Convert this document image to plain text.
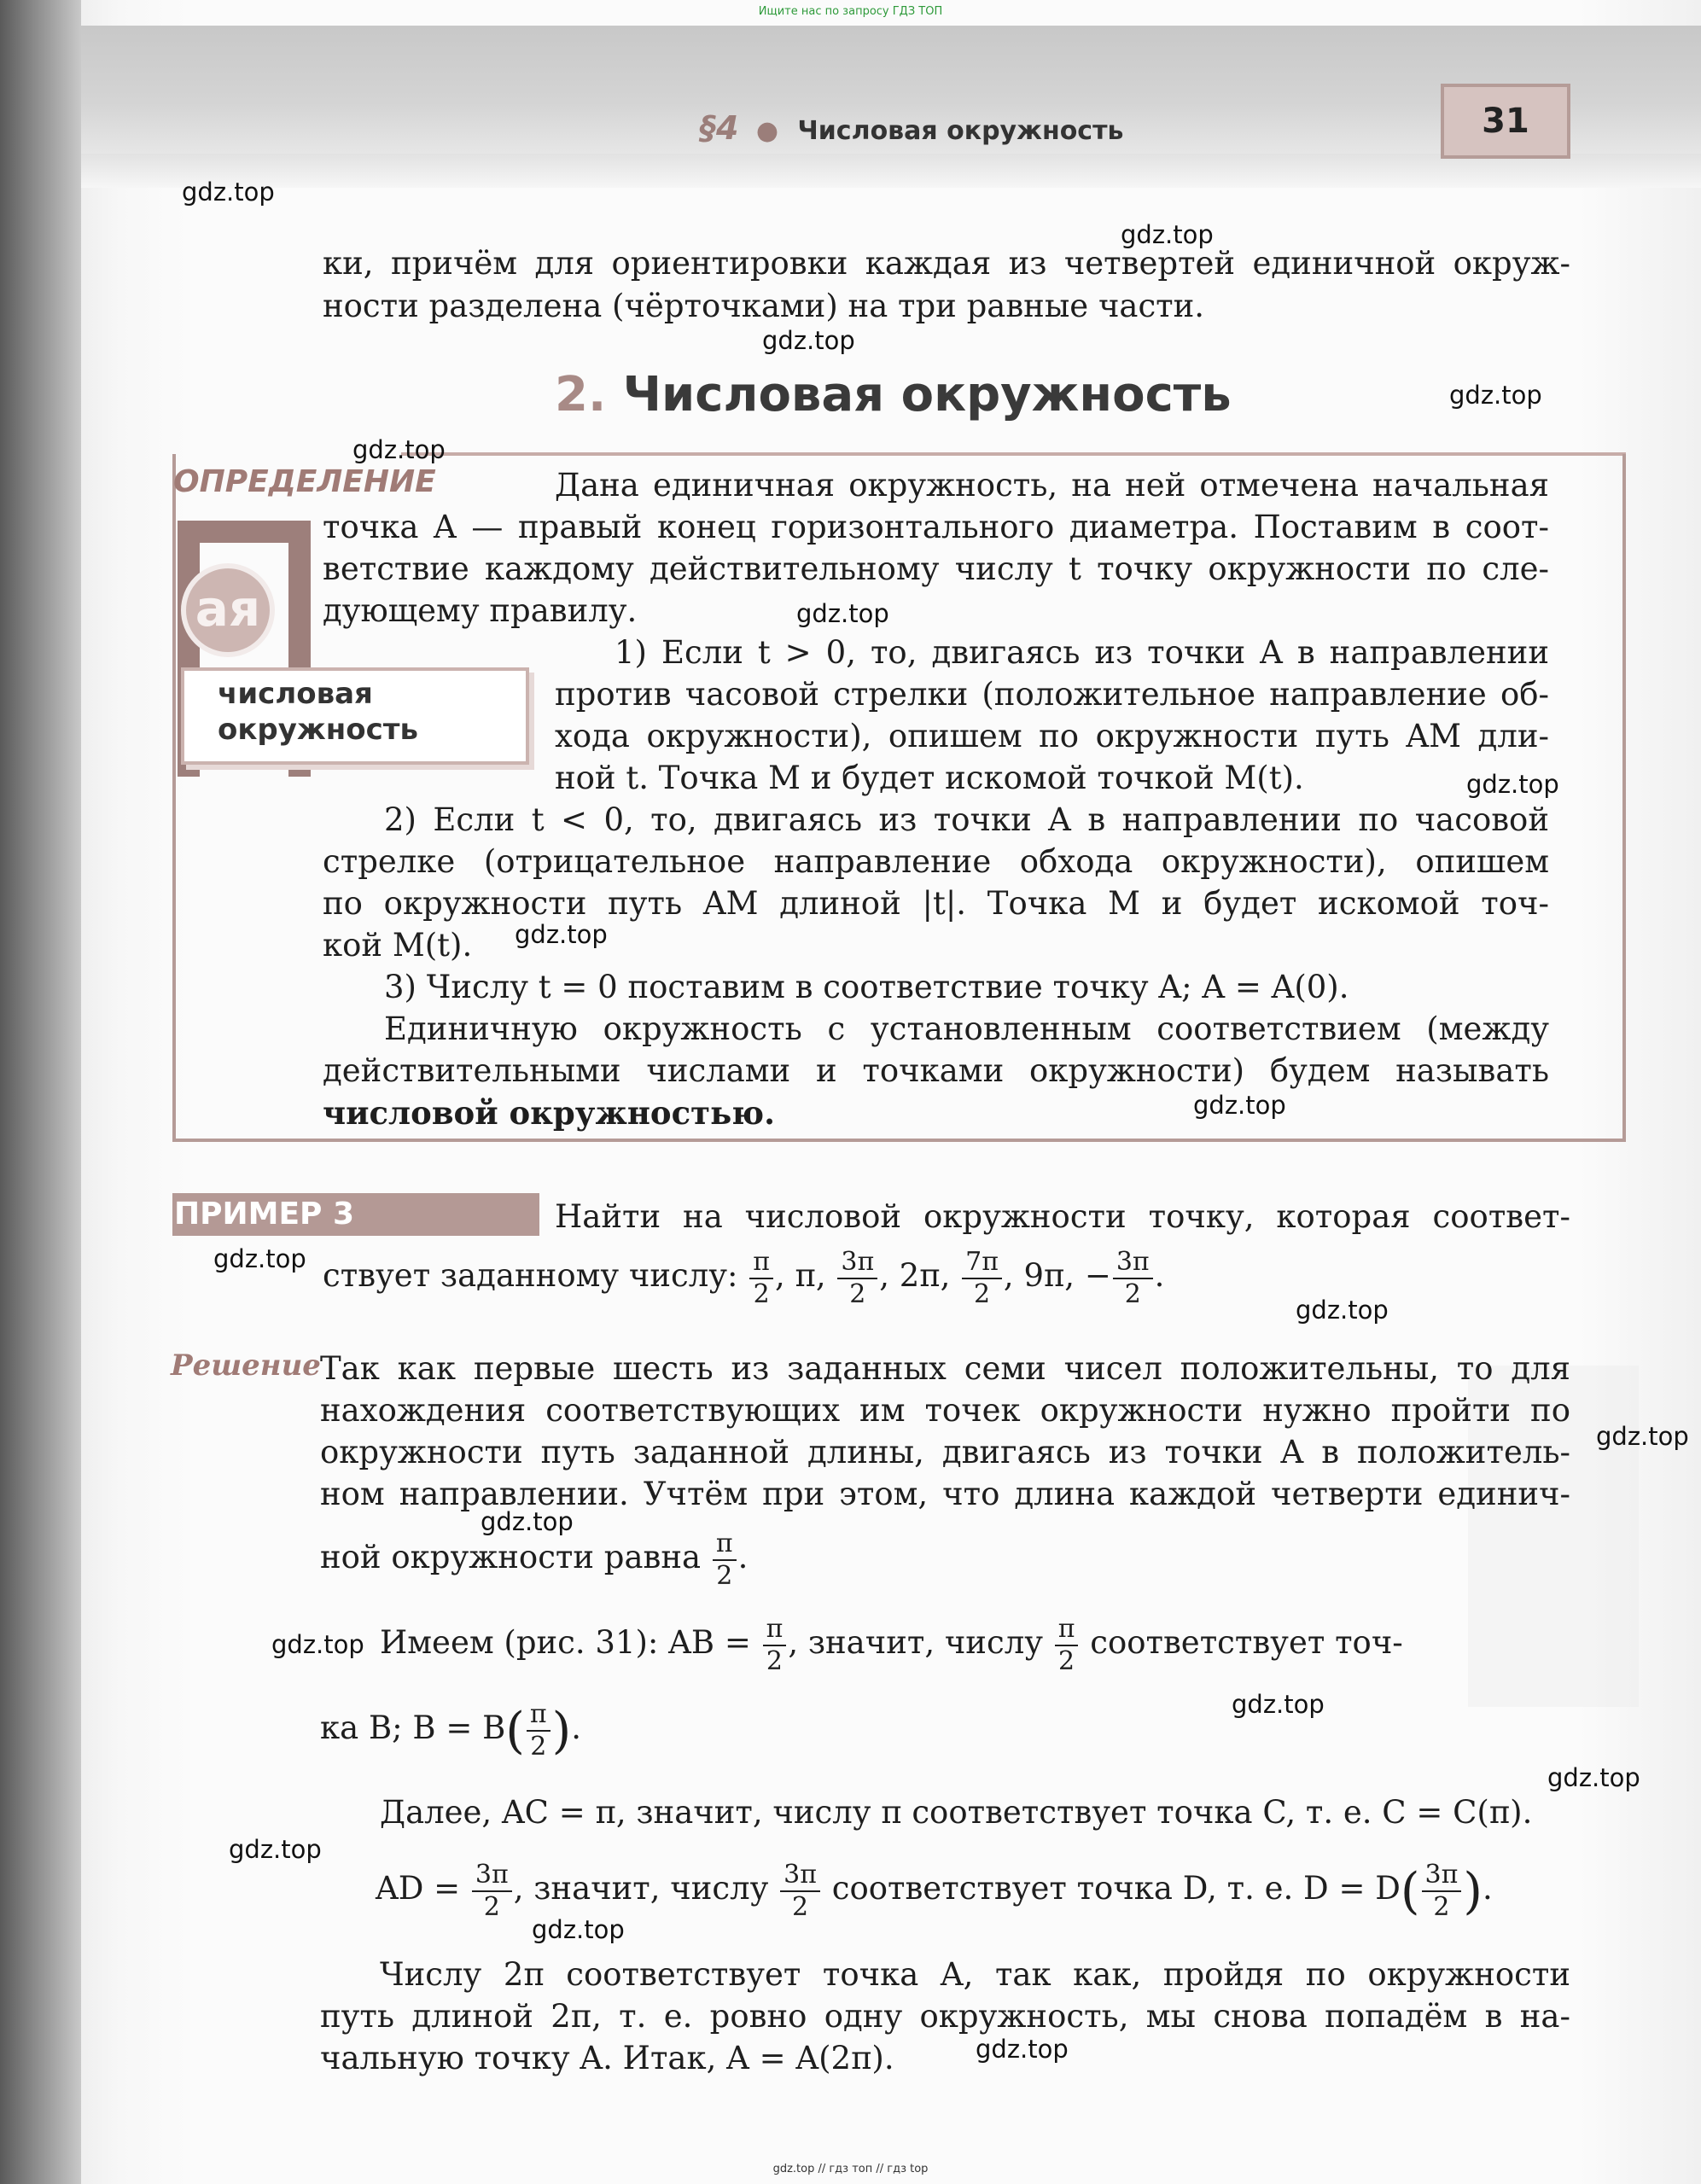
Ищите нас по запросу ГДЗ ТОП
§4 ● Числовая окружность	31
ки, причём для ориентировки каждая из четвертей единичной окруж-
ности разделена (чёрточками) на три равные части.
2. Числовая окружность
ОПРЕДЕЛЕНИЕ
ая
числовая
окружность
Дана единичная окружность, на ней отмечена начальная
точка A — правый конец горизонтального диаметра. Поставим в соот-
ветствие каждому действительному числу t точку окружности по сле-
дующему правилу.
1) Если t > 0, то, двигаясь из точки A в направлении
против часовой стрелки (положительное направление об-
хода окружности), опишем по окружности путь AM дли-
ной t. Точка M и будет искомой точкой M(t).
2) Если t < 0, то, двигаясь из точки A в направлении по часовой
стрелке (отрицательное направление обхода окружности), опишем
по окружности путь AM длиной |t|. Точка M и будет искомой точ-
кой M(t).
3) Числу t = 0 поставим в соответствие точку A; A = A(0).
Единичную окружность с установленным соответствием (между
действительными числами и точками окружности) будем называть
числовой окружностью.
ПРИМЕР 3	Найти на числовой окружности точку, которая соответ-
ствует заданному числу: $\frac{\pi}{2}$ , π, $\frac{3\pi}{2}$ , 2π, $\frac{7\pi}{2}$ , 9π, − $\frac{3\pi}{2}$ .
Решение Так как первые шесть из заданных семи чисел положительны, то для
нахождения соответствующих им точек окружности нужно пройти по
окружности путь заданной длины, двигаясь из точки A в положитель-
ном направлении. Учтём при этом, что длина каждой четверти единич-
ной окружности равна $\frac{\pi}{2}$ .
Имеем (рис. 31): AB = $\frac{\pi}{2}$ , значит, числу $\frac{\pi}{2}$ соответствует точ-
ка B; $B = B( \frac{\pi}{2}$ ).
Далее, AC = π, значит, числу π соответствует точка C, т. е. C = C(π).
AD = $\frac{3\pi}{2}$ , значит, числу $\frac{3\pi}{2}$ соответствует точка D, т. е. $D = D( \frac{3\pi}{2}$ ).
Числу 2π соответствует точка A, так как, пройдя по окружности
путь длиной 2π, т. е. ровно одну окружность, мы снова попадём в на-
чальную точку A. Итак, A = A(2π).
gdz.top
gdz.top
gdz.top
gdz.top
gdz.top
gdz.top
gdz.top
gdz.top
gdz.top
gdz.top
gdz.top
gdz.top
gdz.top
gdz.top
gdz.top
gdz.top
gdz.top
gdz.top
gdz.top
gdz.top // гдз топ // гдз top
